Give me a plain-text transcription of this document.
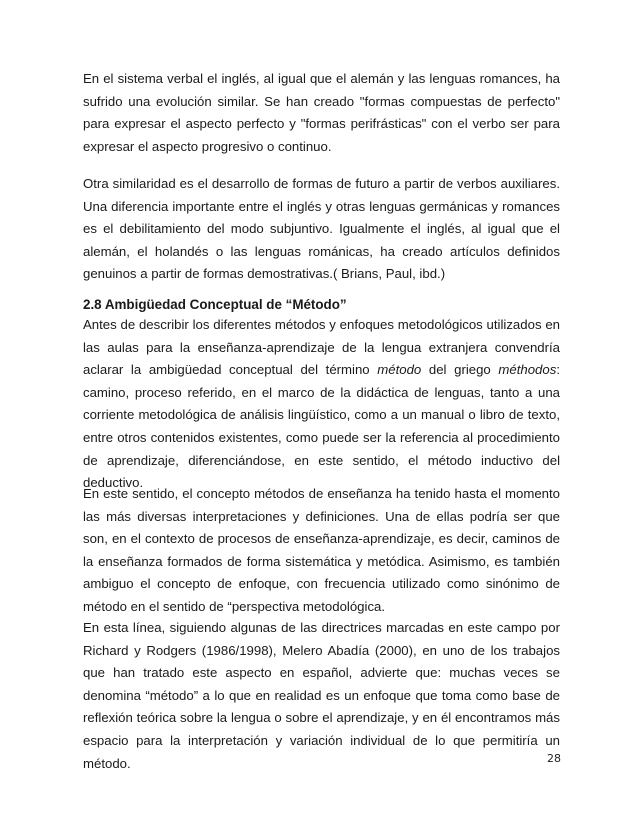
En el sistema verbal el inglés, al igual que el alemán y las lenguas romances, ha sufrido una evolución similar. Se han creado "formas compuestas de perfecto" para expresar el aspecto perfecto y "formas perifrásticas" con el verbo ser para expresar el aspecto progresivo o continuo.

Otra similaridad es el desarrollo de formas de futuro a partir de verbos auxiliares. Una diferencia importante entre el inglés y otras lenguas germánicas y romances es el debilitamiento del modo subjuntivo. Igualmente el inglés, al igual que el alemán, el holandés o las lenguas románicas, ha creado artículos definidos genuinos a partir de formas demostrativas.( Brians, Paul, ibd.)

2.8 Ambigüedad Conceptual de “Método”

Antes de describir los diferentes métodos y enfoques metodológicos utilizados en las aulas para la enseñanza-aprendizaje de la lengua extranjera convendría aclarar la ambigüedad conceptual del término método del griego méthodos: camino, proceso referido, en el marco de la didáctica de lenguas, tanto a una corriente metodológica de análisis lingüístico, como a un manual o libro de texto, entre otros contenidos existentes, como puede ser la referencia al procedimiento de aprendizaje, diferenciándose, en este sentido, el método inductivo del deductivo.

En este sentido, el concepto métodos de enseñanza ha tenido hasta el momento las más diversas interpretaciones y definiciones. Una de ellas podría ser que son, en el contexto de procesos de enseñanza-aprendizaje, es decir, caminos de la enseñanza formados de forma sistemática y metódica. Asimismo, es también ambiguo el concepto de enfoque, con frecuencia utilizado como sinónimo de método en el sentido de “perspectiva metodológica.

En esta línea, siguiendo algunas de las directrices marcadas en este campo por Richard y Rodgers (1986/1998), Melero Abadía (2000), en uno de los trabajos que han tratado este aspecto en español, advierte que: muchas veces se denomina “método” a lo que en realidad es un enfoque que toma como base de reflexión teórica sobre la lengua o sobre el aprendizaje, y en él encontramos más espacio para la interpretación y variación individual de lo que permitiría un método.	28
